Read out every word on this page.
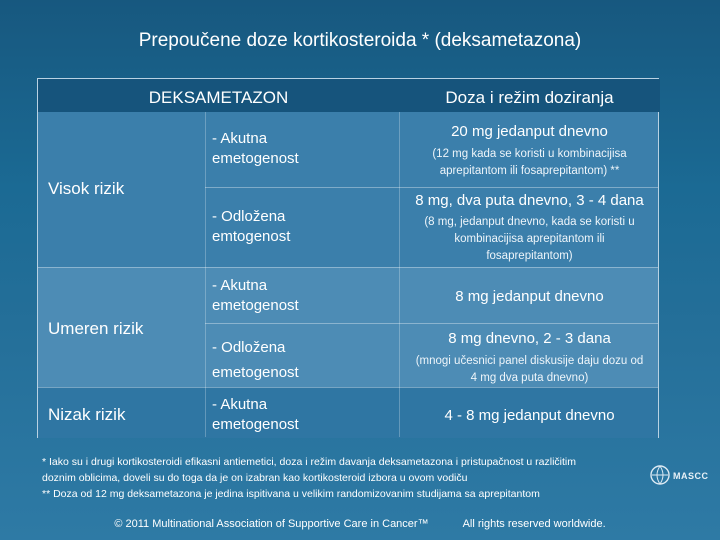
Prepoučene doze kortikosteroida * (deksametazona)
DEKSAMETAZON	Doza i režim doziranja
Visok rizik
Umeren rizik
Nizak rizik
- Akutna emetogenost
- Odložena emtogenost
- Akutna emetogenost
- Odložena emetogenost
- Akutna emetogenost
20 mg jedanput dnevno
(12 mg kada se koristi u kombinacijisa aprepitantom ili fosaprepitantom) **
8 mg, dva puta dnevno, 3 - 4 dana
(8 mg, jedanput dnevno, kada se koristi u kombinacijisa aprepitantom ili fosaprepitantom)
8 mg jedanput dnevno
8 mg dnevno, 2 - 3 dana
(mnogi učesnici panel diskusije daju dozu od 4 mg dva puta dnevno)
4 - 8 mg jedanput dnevno
* Iako su i drugi kortikosteroidi efikasni antiemetici, doza i režim davanja deksametazona i pristupačnost u različitim
doznim oblicima, doveli su do toga da je on izabran kao kortikosteroid izbora u ovom vodiču
** Doza od 12 mg deksametazona je jedina ispitivana u velikim randomizovanim studijama sa aprepitantom
MASCC
© 2011 Multinational Association of Supportive Care in Cancer™	All rights reserved worldwide.
